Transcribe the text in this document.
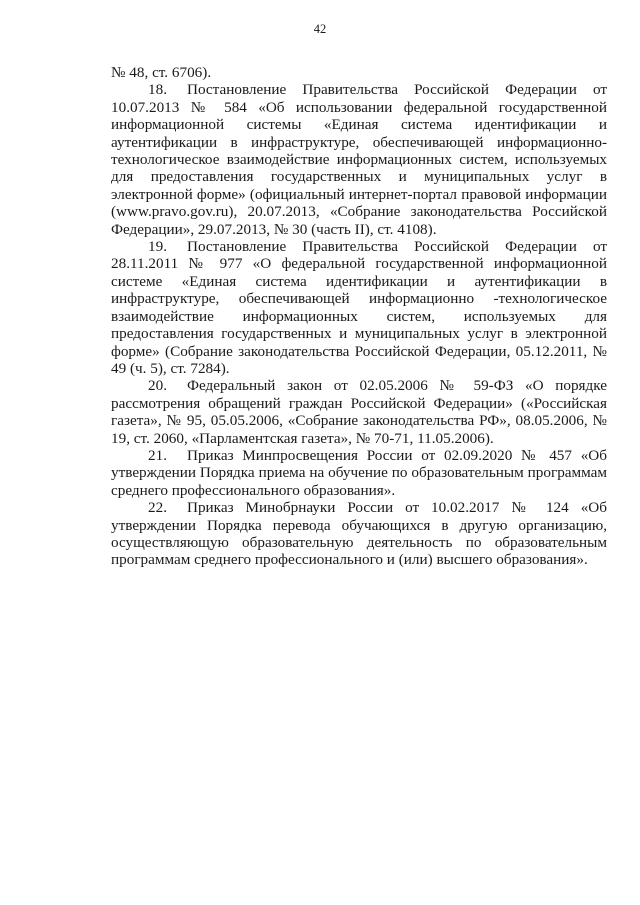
42

№ 48, ст. 6706).

18. Постановление Правительства Российской Федерации от 10.07.2013 № 584 «Об использовании федеральной государственной информационной системы «Единая система идентификации и аутентификации в инфраструктуре, обеспечивающей информационно-технологическое взаимодействие информационных систем, используемых для предоставления государственных и муниципальных услуг в электронной форме» (официальный интернет-портал правовой информации (www.pravo.gov.ru), 20.07.2013, «Собрание законодательства Российской Федерации», 29.07.2013, № 30 (часть II), ст. 4108).

19. Постановление Правительства Российской Федерации от 28.11.2011 № 977 «О федеральной государственной информационной системе «Единая система идентификации и аутентификации в инфраструктуре, обеспечивающей информационно -технологическое взаимодействие информационных систем, используемых для предоставления государственных и муниципальных услуг в электронной форме» (Собрание законодательства Российской Федерации, 05.12.2011, № 49 (ч. 5), ст. 7284).

20. Федеральный закон от 02.05.2006 № 59-ФЗ «О порядке рассмотрения обращений граждан Российской Федерации» («Российская газета», № 95, 05.05.2006, «Собрание законодательства РФ», 08.05.2006, № 19, ст. 2060, «Парламентская газета», № 70-71, 11.05.2006).

21. Приказ Минпросвещения России от 02.09.2020 № 457 «Об утверждении Порядка приема на обучение по образовательным программам среднего профессионального образования».

22. Приказ Минобрнауки России от 10.02.2017 № 124 «Об утверждении Порядка перевода обучающихся в другую организацию, осуществляющую образовательную деятельность по образовательным программам среднего профессионального и (или) высшего образования».
